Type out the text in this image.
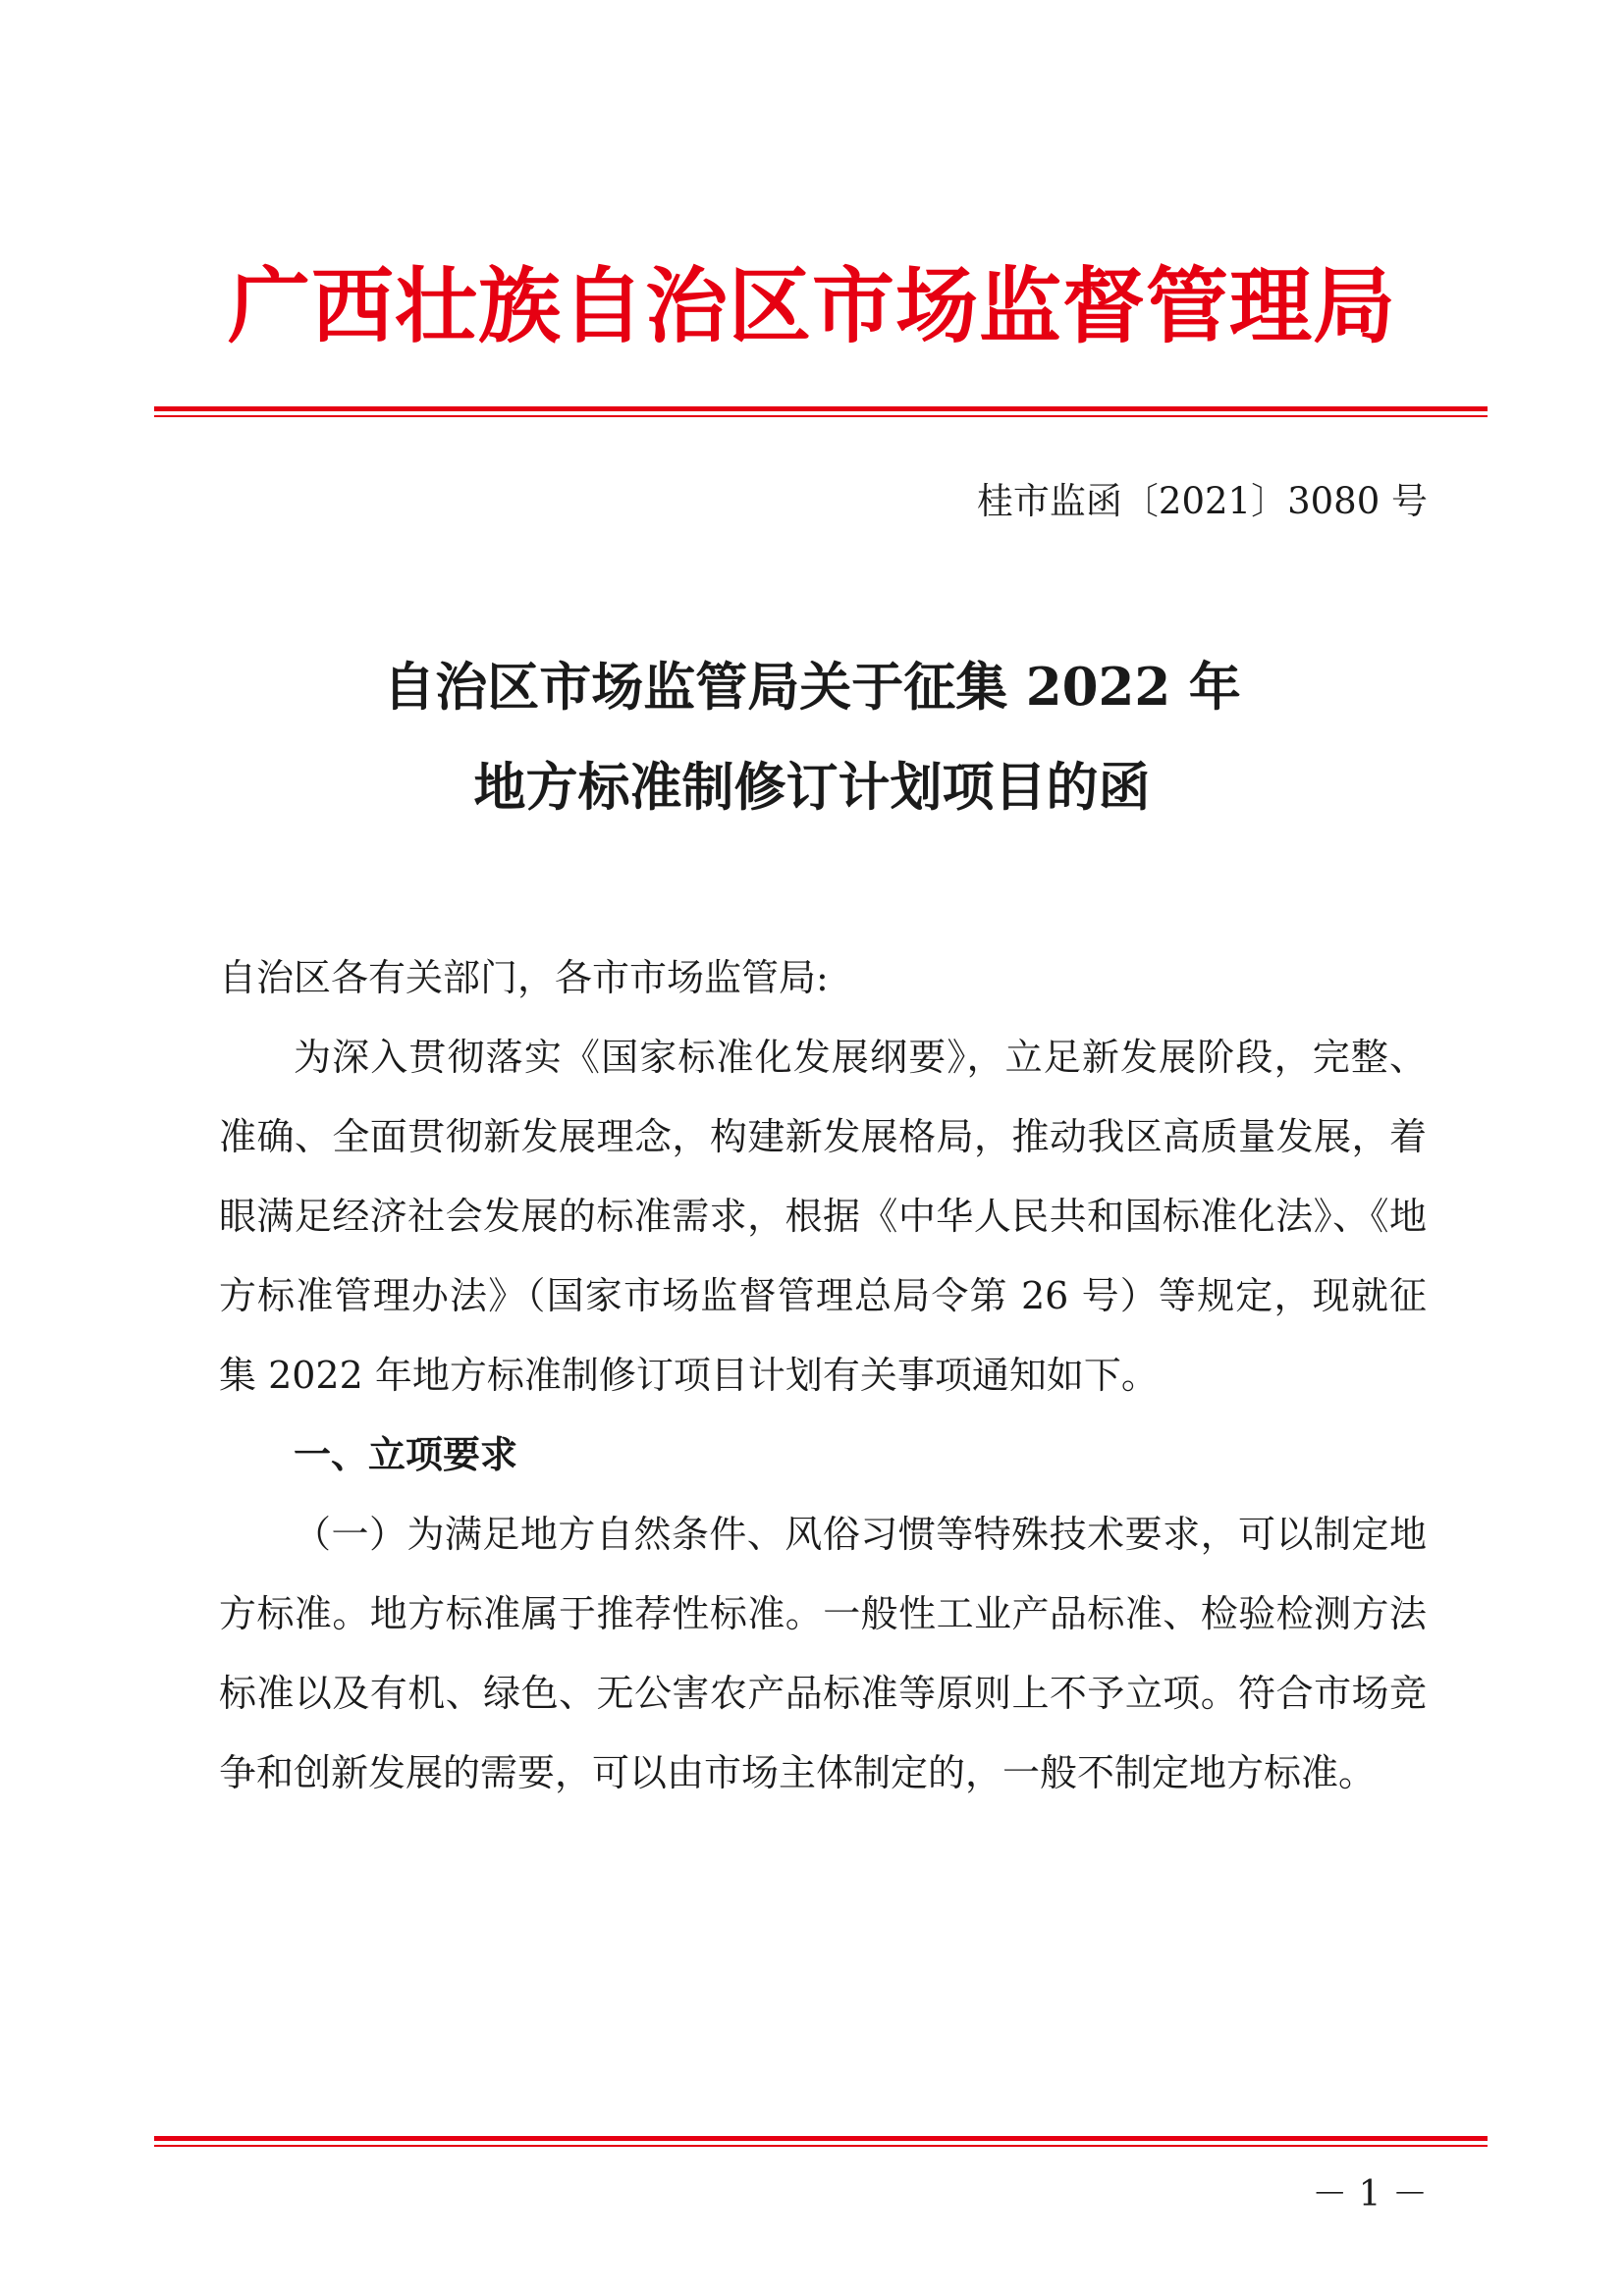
广西壮族自治区市场监督管理局
桂市监函〔2021〕3080 号
自治区市场监管局关于征集 2022 年
地方标准制修订计划项目的函

自治区各有关部门，各市市场监管局:

为深入贯彻落实《国家标准化发展纲要》，立足新发展阶段，完整、准确、全面贯彻新发展理念，构建新发展格局，推动我区高质量发展，着眼满足经济社会发展的标准需求，根据《中华人民共和国标准化法》、《地方标准管理办法》（国家市场监督管理总局令第 26 号）等规定，现就征集 2022 年地方标准制修订项目计划有关事项通知如下。

一、立项要求

（一）为满足地方自然条件、风俗习惯等特殊技术要求，可以制定地方标准。地方标准属于推荐性标准。一般性工业产品标准、检验检测方法标准以及有机、绿色、无公害农产品标准等原则上不予立项。符合市场竞争和创新发展的需要，可以由市场主体制定的，一般不制定地方标准。

－ 1 －
